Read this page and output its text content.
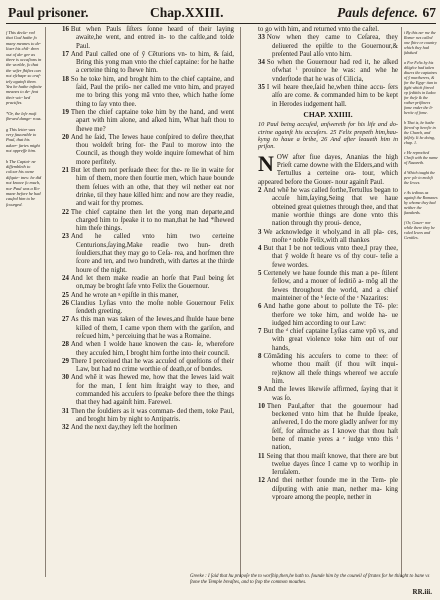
Paul prisoner.	Chap.XXIII.	Pauls defence. 67

f This decla- red that God hathe ſo many meanes to de- liuer his chil- dren out of da- ger as there is occaſions in the worlde, ſo that the wiſer ſhiftes can not eſchape so craf- tely againſt them. Yea he hathe infinite meanes to de- feat their wic- ked practiſes.

*Or, the leſe moſt ſhewed dange- rous.

g This letter was very fauorable to Paul, that his aduer- ſaries might not oppreſſe him.

h The Captai- ne diſſembleth to colour his owne diſquie- tnes: he did not knowe ſo much, nor Paul was a Ro- mane before he had cauſed him to be ſcourged.

16 But when Pauls ſiſters ſonne heard of their laying awaite,he went, and entred in- to the caſtle,and tolde Paul.

17 And Paul called one of ỹ Cēturions vn- to him, & ſaid, Bring this yong man vnto the chief captaine: for he hathe a certeine thing to ſhewe him.

18 So he toke him, and broght him to the chief captaine, and ſaid, Paul the priſo- ner called me vnto him, and prayed me to bring this yong mā vnto thee, which hathe ſome thing to ſay vnto thee.

19 Then the chief captaine toke him by the hand, and went apart with him alone, and aſked him, What haſt thou to ſhewe me?

20 And he ſaid, The Iewes haue conſpired to deſire thee,that thou woldeſt bring for- the Paul to morow into the Council, as though they wolde inquire ſomewhat of him more perfitely.

21 But let them not perſuade thee: for the- re lie in waite for him of them, more then fourtie men, which haue bounde them ſelues with an othe, that they wil nether eat nor drinke, til they haue killed him: and now are they readie, and wait for thy promes.

22 The chief captaine then let the yong man departe,and charged him to ſpeake it to no man,that he had *ſhewed him theſe things.

23 And he called vnto him two certeine Centurions,ſaying,Make readie two hun- dreth ſouldiers,that they may go to Ceſa- rea, and horſmen thre ſcore and ten, and two hundreth, with dartes at the thirde houre of the night.

24 And let them make readie an horſe that Paul being ſet on,may be broght ſafe vnto Felix the Gouernour.

25 And he wrote an ᵍ epiſtle in this maner,

26 Claudius Lyſias vnto the moſte noble Gouernour Felix ſendeth greeting.

27 As this man was taken of the Iewes,and ſhulde haue bene killed of them, I came vpon them with the gariſon, and reſcued him, ʰ perceiuing that he was a Romaine.

28 And when I wolde haue knowen the cau- ſe, wherefore they accuſed him, I broght him forthe into their council.

29 There I perceiued that he was accuſed of queſtions of their Law, but had no crime worthie of death,or of bondes.

30 And whē it was ſhewed me, how that the Iewes laid wait for the man, I ſent him ſtraight way to thee, and commanded his accuſers to ſpeake before thee the things that they had againſt him. Farewel.

31 Then the ſouldiers as it was comman- ded them, toke Paul, and broght him by night to Antipatris.

32 And the next day,they left the horſmen

to go with him, and returned vnto the caſtel.

33 Now when they came to Ceſarea, they deliuered the epiſtle to the Gouernour,& preſented Paul alſo vnto him.

34 So when the Gouernour had red it, he aſked ofwhat ⁱ prouince he was: and whe he vnderſtode that he was of Cilicia,

35 I wil heare thee,ſaid he,when thine accu- ſers alſo are come. & commanded him to be kept in Herodes iudgement hall.

CHAP. XXIIII.
10 Paul being accuſed, anſwereth for his life and do- ctrine againſt his accuſers. 25 Felix prepeth him,hau- kyng to haue a bribe, 26 And after leaueth him in priſon.

NOW after fiue dayes, Ananias the high Prieſt came downe with the Elders,and with Tertullus a certeine ora- tour, which appeared before the Gouer- nour againſt Paul.

2 And whē he was called forthe,Tertullus began to accuſe him,ſaying,Seing that we haue obteined great quietnes through thee, and that manie worthie things are done vnto this nation through thy proui- dence,

3 We acknowledge it wholy,and in all pla- ces, moſte ᵃ noble Felix,with all thankes

4 But that I be not tedious vnto thee,I pray thee, that ỹ wolde ſt heare vs of thy cour- teſie a fewe wordes.

5 Certenely we haue founde this man a pe- ſtilent fellow, and a mouer of ſeditiō a- mōg all the Iewes throughout the world, and a chief mainteiner of the ᵇ ſecte of the ᶜ Nazarites:

6 And hathe gone about to pollute the Tē- ple: therfore we toke him, and wolde ha- ue iudged him according to our Law:

7 But the ᵈ chief captaine Lyſias came vpō vs, and with great violence toke him out of our hands,

8 Cōmāding his accuſers to come to thee: of whome thou maiſt (if thou wilt inqui- re)know all theſe things whereof we accuſe him.

9 And the Iewes likewiſe affirmed, ſaying that it was ſo.

10 Then Paul,after that the gouernour had beckened vnto him that he ſhulde ſpeake, anſwered, I do the more gladly anſwer for my ſelf, for aſmuche as I knowe that thou haſt bene of manie yeres a ᵉ iudge vnto this ᶠ nation,

11 Seing that thou maiſt knowe, that there are but twelue dayes ſince I came vp to worſhip in Ieruſalem.

12 And thei nether founde me in the Tem- ple diſputing with anie man, nether ma- king vproare among the people, nether in

i By this na- me the Roma- nes called one ſhire or country which they had ſubdued

a For Felix by his diligēce had taken diuers the captaines of ỹ murtherers, & for the Egyp- tian to fight which ſtirred vp ſeditiōs in Iudea for theſe & the rather priſōners ſome vnder the li- bertie of ſome.

b That is, he hathe ſtirred vp herefie in the Church, and falſely. It be doing, chap. 1.

c He reproched Chriſt with the name of Nazareth.

d Which taught the peo- ple to moleſt the Iewes.

e As tedious as againſt the Romanes by whome they had neither the ſtandards.

f Or, Gouer- nor while there they be ruled Iewes and Gentiles.

Greeke : I ſaid that hu propoſe the to worſhip,then,he hath to. founde him by the couneil of ſtrates for he thiught to bane vs ſtone the Temple breaſtes, and to ſtop the common mouthes.
RR.iii.
